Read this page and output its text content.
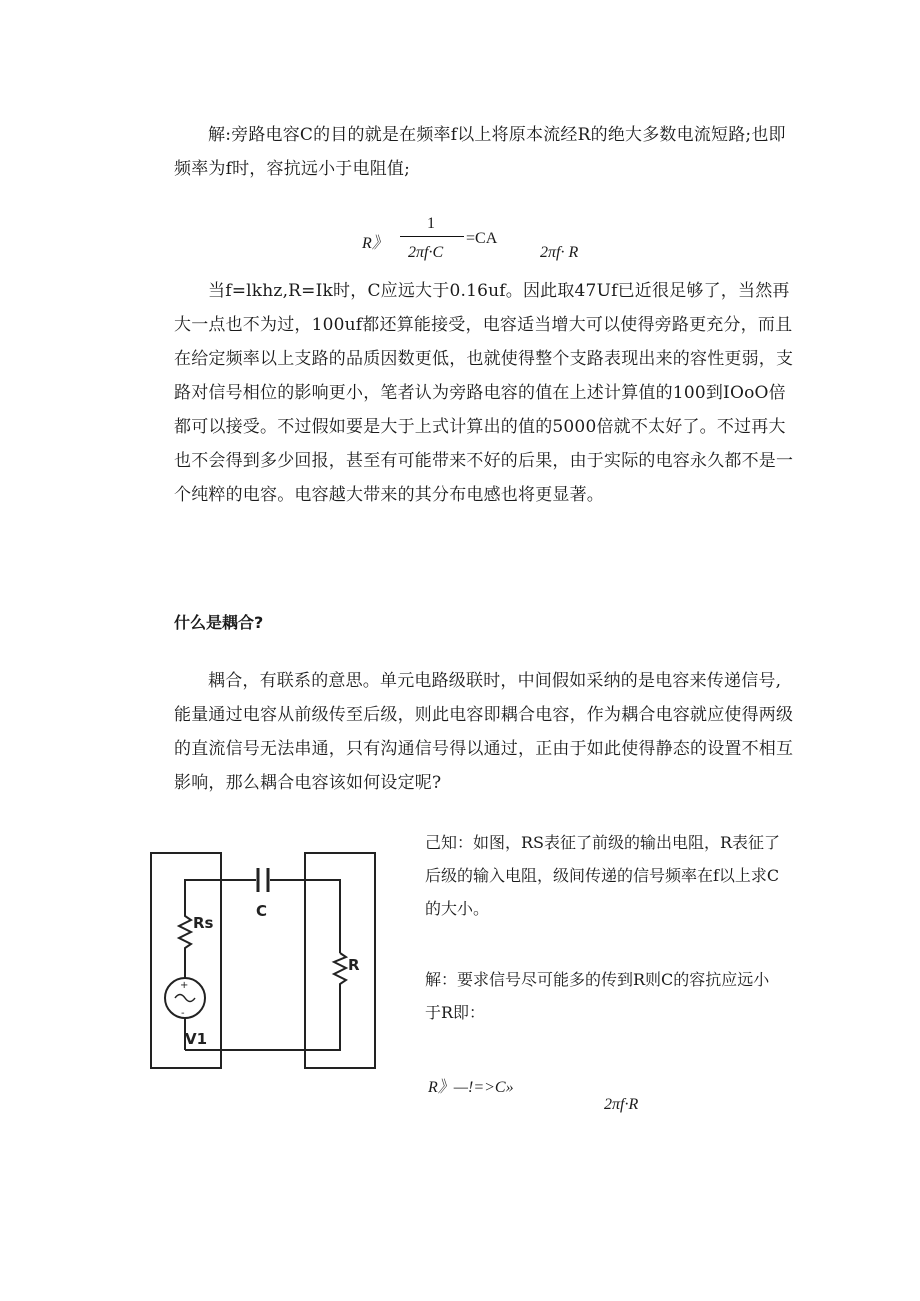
解:旁路电容C的目的就是在频率f以上将原本流经R的绝大多数电流短路;也即频率为f时，容抗远小于电阻值;
R》
1
2πf·C
=CA
2πf· R
当f=lkhz,R=Ik时，C应远大于0.16uf。因此取47Uf已近很足够了，当然再大一点也不为过，100uf都还算能接受，电容适当增大可以使得旁路更充分，而且在给定频率以上支路的品质因数更低，也就使得整个支路表现出来的容性更弱，支路对信号相位的影响更小，笔者认为旁路电容的值在上述计算值的100到IOoO倍都可以接受。不过假如要是大于上式计算出的值的5000倍就不太好了。不过再大也不会得到多少回报，甚至有可能带来不好的后果，由于实际的电容永久都不是一个纯粹的电容。电容越大带来的其分布电感也将更显著。
什么是耦合?
耦合，有联系的意思。单元电路级联时，中间假如采纳的是电容来传递信号,能量通过电容从前级传至后级，则此电容即耦合电容，作为耦合电容就应使得两级的直流信号无法串通，只有沟通信号得以通过，正由于如此使得静态的设置不相互影响，那么耦合电容该如何设定呢?
+
-
C
Rs
R
V1
己知：如图，RS表征了前级的输出电阻，R表征了后级的输入电阻，级间传递的信号频率在f以上求C的大小。
解：要求信号尽可能多的传到R则C的容抗应远小于R即：
R》—!=>C»
2πf·R
